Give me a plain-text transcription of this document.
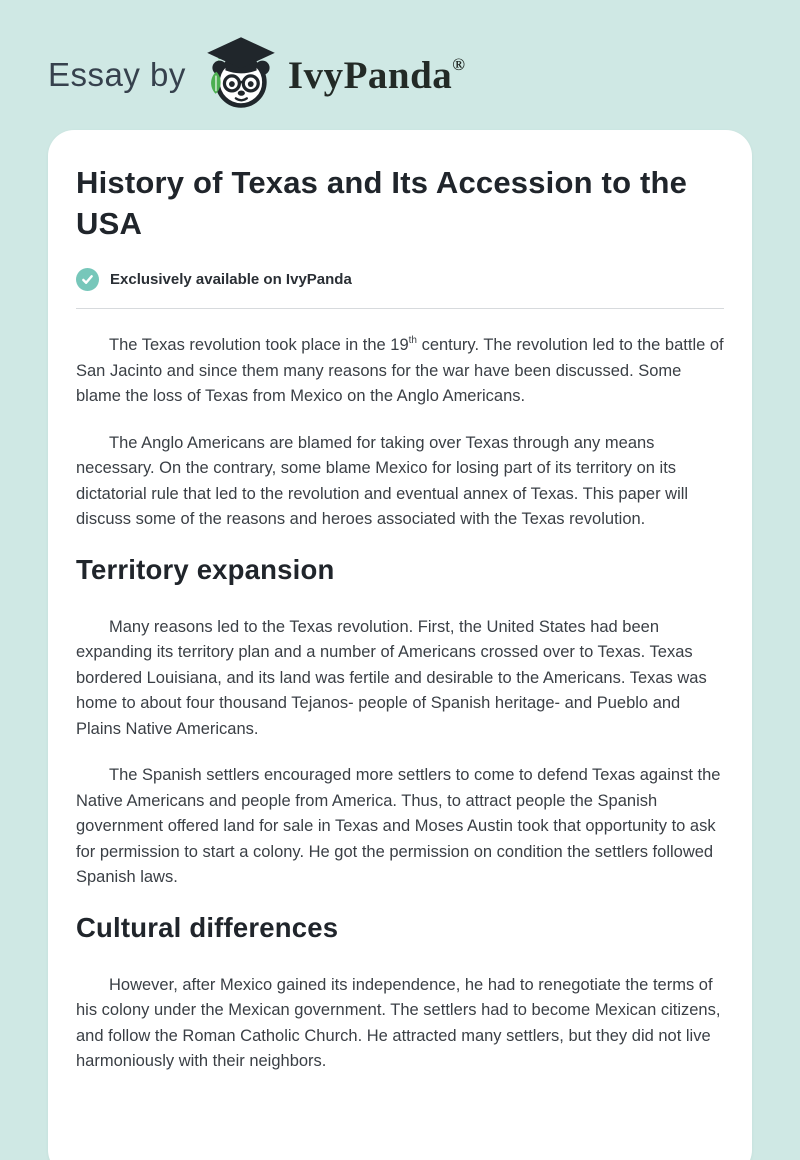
Essay by	IvyPanda®
History of Texas and Its Accession to the USA
Exclusively available on IvyPanda

The Texas revolution took place in the 19th century. The revolution led to the battle of San Jacinto and since them many reasons for the war have been discussed. Some blame the loss of Texas from Mexico on the Anglo Americans.

The Anglo Americans are blamed for taking over Texas through any means necessary. On the contrary, some blame Mexico for losing part of its territory on its dictatorial rule that led to the revolution and eventual annex of Texas. This paper will discuss some of the reasons and heroes associated with the Texas revolution.

Territory expansion

Many reasons led to the Texas revolution. First, the United States had been expanding its territory plan and a number of Americans crossed over to Texas. Texas bordered Louisiana, and its land was fertile and desirable to the Americans. Texas was home to about four thousand Tejanos- people of Spanish heritage- and Pueblo and Plains Native Americans.

The Spanish settlers encouraged more settlers to come to defend Texas against the Native Americans and people from America. Thus, to attract people the Spanish government offered land for sale in Texas and Moses Austin took that opportunity to ask for permission to start a colony. He got the permission on condition the settlers followed Spanish laws.

Cultural differences

However, after Mexico gained its independence, he had to renegotiate the terms of his colony under the Mexican government. The settlers had to become Mexican citizens, and follow the Roman Catholic Church. He attracted many settlers, but they did not live harmoniously with their neighbors.
